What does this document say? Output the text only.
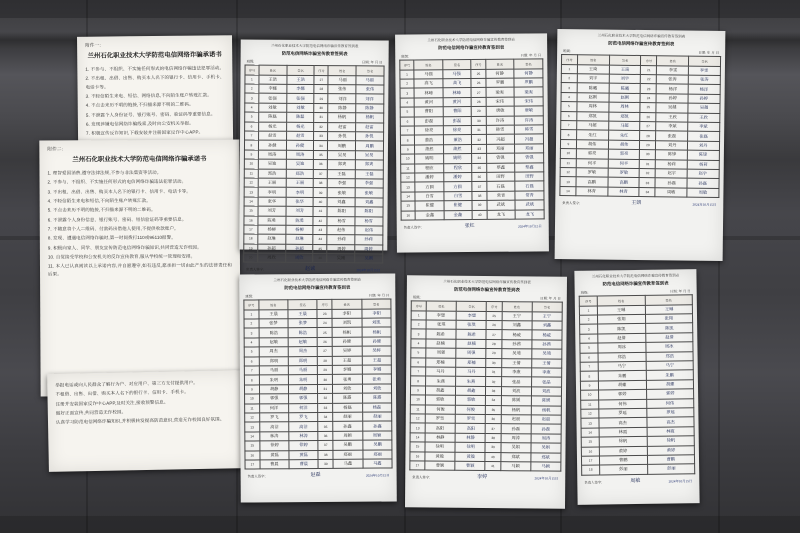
附件一:
兰州石化职业技术大学防范电信网络诈骗承诺书

1. 不参与、不组织、不实施任何形式的电信网络诈骗违法犯罪活动。

2. 不出租、出借、出售、购买本人名下的银行卡、信用卡、手机卡、电话卡等。

3. 不轻信陌生来电、短信、网络信息,不向陌生账户转账汇款。

4. 不点击来历不明的链接,不扫描来源不明的二维码。

5. 不泄露个人身份证号、银行账号、密码、验证码等重要信息。

6. 发现涉嫌电信网络诈骗线索,及时向公安机关举报。

7. 积极宣传反诈知识,下载安装并注册国家反诈中心APP。

附件二:
兰州石化职业技术大学防范电信网络诈骗承诺书

1. 理智爱国消费,遵守法律法规,不参与非法集资等活动。

2. 不参与、不组织、不实施任何形式的电信网络诈骗违法犯罪活动。

3. 不出租、出借、出售、购买本人名下的银行卡、信用卡、电话卡等。

4. 不轻信陌生来电和短信,不向陌生账户转账汇款。

5. 不点击来历不明的链接,不扫描来源不明的二维码。

6. 不泄露个人身份信息、银行账号、密码、短信验证码等重要信息。

7. 不随意将个人二维码、付款码出借他人使用,不提供收款账户。

8. 发现、遭遇电信网络诈骗时,第一时间拨打110或96110报警。

9. 积极向家人、同学、朋友宣传防范电信网络诈骗知识,共同营造无诈校园。

10. 自觉接受学校和公安机关的反诈宣传教育,服从学校统一管理和安排。

11. 本人已认真阅读以上承诺内容,并自愿遵守,如有违反,愿承担一切由此产生的法律责任和后果。

举报电话或向人民群众了解行为户、对应用户、第三方支付提供用户。

不租借、出售、出借、购买本人名下的银行卡、信用卡、手机卡。

注册并安装国家反诈中心APP,及时关注,接收预警信息。

做好正面宣传,共同营造无诈校园。

认真学习防范电信网络诈骗知识,并积极转发提高防范意识,营造无诈校园良好氛围。

兰州石化职业技术大学防范电信网络诈骗宣传教育签到表
防范电信网络诈骗宣传教育签到表
班级:	日期: 年 月 日
序号	姓名	签名	序号	姓名	签名
1	王浩	王浩	27	马丽	马丽
2	李娜	李娜	28	张伟	张伟
3	张强	张强	29	刘洋	刘洋
4	刘敏	刘敏	30	陈静	陈静
5	陈磊	陈磊	31	杨帆	杨帆
6	杨光	杨光	32	赵雷	赵雷
7	赵雪	赵雪	33	孙悦	孙悦
8	孙健	孙健	34	周鹏	周鹏
9	周涛	周涛	35	吴昊	吴昊
10	吴迪	吴迪	36	郑爽	郑爽
11	郑浩	郑浩	37	王磊	王磊
12	王丽	王丽	38	李强	李强
13	李明	李明	39	张敏	张敏
14	张华	张华	40	刘鑫	刘鑫
15	刘芳	刘芳	41	陈阳	陈阳
16	陈勇	陈勇	42	杨雪	杨雪
17	杨柳	杨柳	43	赵伟	赵伟
18	赵琳	赵琳	44	孙莉	孙莉
19	孙超	孙超	45	周婷	周婷
20	周欣	周欣	46	吴刚	吴刚
负责人签字:	赵诚	2024年10月15日
兰州石化职业技术大学防范电信网络诈骗宣传教育签到表
防范电信网络诈骗宣传教育签到表
班级:	日期: 年 月 日
序号	姓名	签名	序号	姓名	签名
1	马强	马强	25	何静	何静
2	高飞	高飞	26	罗鹏	罗鹏
3	林峰	林峰	27	梁爽	梁爽
4	黄河	黄河	28	宋伟	宋伟
5	曹阳	曹阳	29	唐敏	唐敏
6	彭磊	彭磊	30	许涛	许涛
7	徐亮	徐亮	31	韩雪	韩雪
8	董浩	董浩	32	冯超	冯超
9	萧然	萧然	33	邓丽	邓丽
10	姚明	姚明	34	曾强	曾强
11	程欣	程欣	35	蔡鑫	蔡鑫
12	潘婷	潘婷	36	田野	田野
13	方圆	方圆	37	石磊	石磊
14	白雪	白雪	38	常青	常青
15	崔健	崔健	39	武斌	武斌
16	金鑫	金鑫	40	龙飞	龙飞
负责人签字:	张红	2024年10月15日
兰州石化职业技术大学防范电信网络诈骗宣传教育签到表
防范电信网络诈骗宣传教育签到表
班级:	日期: 年 月 日
序号	姓名	签名	序号	姓名	签名
1	王琦	王琦	21	李雯	李雯
2	刘宇	刘宇	22	张涛	张涛
3	陈曦	陈曦	23	杨洋	杨洋
4	赵刚	赵刚	24	孙婷	孙婷
5	周林	周林	25	吴越	吴越
6	郑凯	郑凯	26	王欣	王欣
7	马超	马超	27	李斌	李斌
8	朱红	朱红	28	张磊	张磊
9	胡伟	胡伟	29	刘丹	刘丹
10	郭亮	郭亮	30	陈锋	陈锋
11	何平	何平	31	杨莉	杨莉
12	罗敏	罗敏	32	赵宇	赵宇
13	高鹏	高鹏	33	孙磊	孙磊
14	林青	林青	34	周敏	周敏
负责人签字:	王朗	2024年10月15日
兰州石化职业技术大学防范电信网络诈骗宣传教育签到表
防范电信网络诈骗宣传教育签到表
班级:	日期: 年 月 日
序号	姓名	签名	序号	姓名	签名
1	王晨	王晨	23	李阳	李阳
2	张梦	张梦	24	刘凯	刘凯
3	陈浩	陈浩	25	杨帆	杨帆
4	赵敏	赵敏	26	孙健	孙健
5	周杰	周杰	27	吴婷	吴婷
6	郑明	郑明	28	王超	王超
7	马丽	马丽	29	李娜	李娜
8	朱明	朱明	30	张勇	张勇
9	胡静	胡静	31	刘欣	刘欣
10	郭强	郭强	32	陈露	陈露
11	何洋	何洋	33	杨磊	杨磊
12	罗飞	罗飞	34	赵丽	赵丽
13	高洁	高洁	35	孙鑫	孙鑫
14	林涛	林涛	36	周颖	周颖
15	徐婷	徐婷	37	吴鹏	吴鹏
16	黄磊	黄磊	38	郑丽	郑丽
17	曹晨	曹晨	39	马鑫	马鑫
负责人签字:	赵磊	2024年10月15日
兰州石化职业技术大学防范电信网络诈骗宣传教育签到表
防范电信网络诈骗宣传教育签到表
班级:	日期: 年 月 日
序号	姓名	签名	序号	姓名	签名
1	李想	李想	25	王宁	王宁
2	张琪	张琪	26	刘鑫	刘鑫
3	陈希	陈希	27	杨威	杨威
4	赵楠	赵楠	28	孙茜	孙茜
5	周强	周强	29	吴迪	吴迪
6	郑楠	郑楠	30	王倩	王倩
7	马丹	马丹	31	李康	李康
8	朱燕	朱燕	32	张晶	张晶
9	胡鑫	胡鑫	33	刘波	刘波
10	郭敏	郭敏	34	陈媛	陈媛
11	何俊	何俊	35	杨帆	杨帆
12	罗雪	罗雪	36	赵晨	赵晨
13	高阳	高阳	37	孙磊	孙磊
14	林静	林静	38	周涛	周涛
15	徐明	徐明	39	吴娟	吴娟
16	黄毅	黄毅	40	郑斌	郑斌
17	曹颖	曹颖	41	马颖	马颖
负责人签字:	李婷	2024年10月15日
兰州石化职业技术大学防范电信网络诈骗宣传教育签到表
防范电信网络诈骗宣传教育签到表
班级:	日期: 年 月 日
序号	姓名	签名
1	王琳	王琳
2	张翔	张翔
3	陈凯	陈凯
4	赵倩	赵倩
5	周冰	周冰
6	郑浩	郑浩
7	马宁	马宁
8	朱鹏	朱鹏
9	胡蝶	胡蝶
10	郭婷	郭婷
11	何伟	何伟
12	罗瑶	罗瑶
13	高杰	高杰
14	林霞	林霞
15	徐帆	徐帆
16	黄婷	黄婷
17	曹鹏	曹鹏
18	彭丽	彭丽
负责人签字:	周敏	2024年10月15日
